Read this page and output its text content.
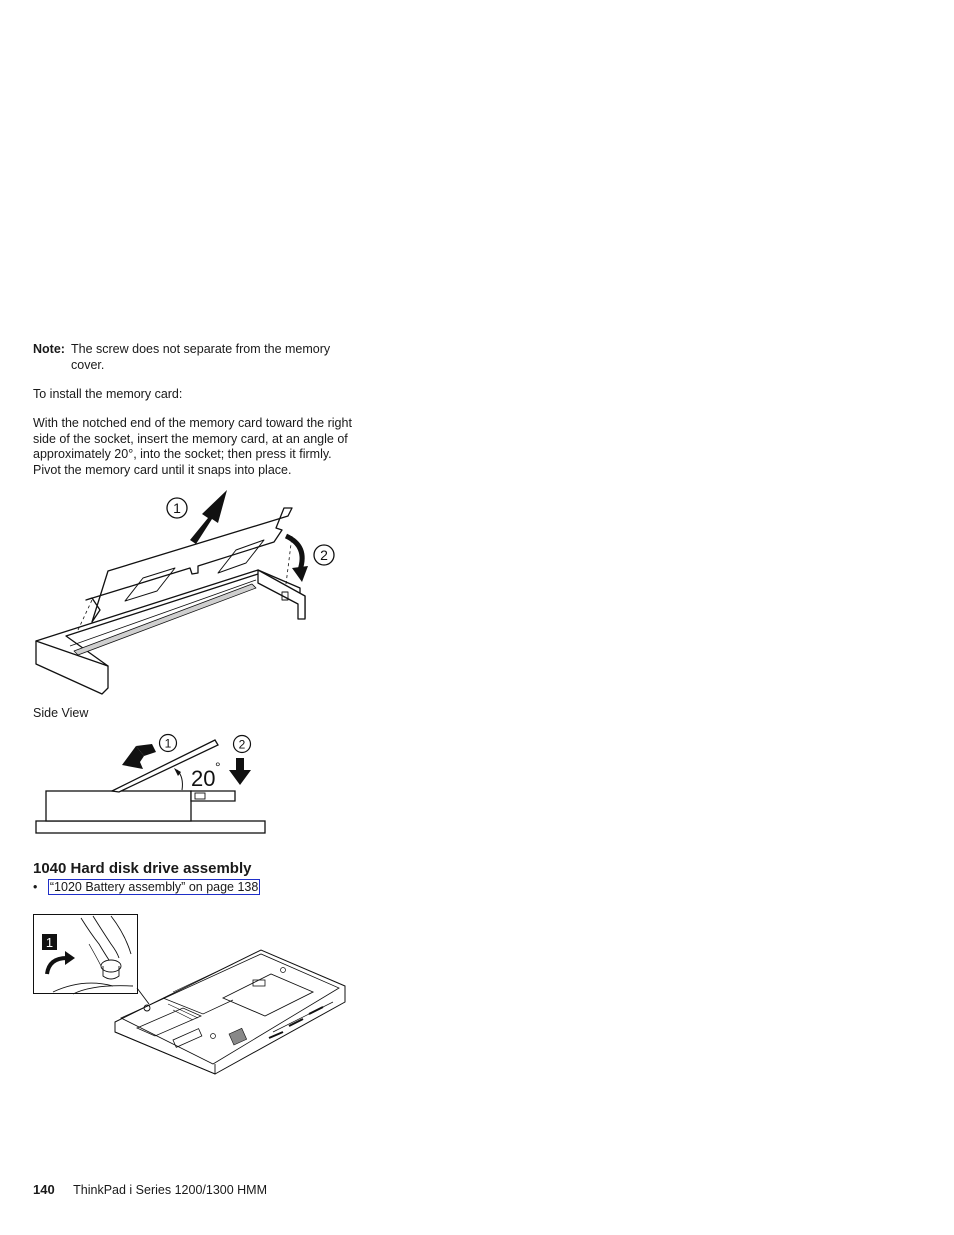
Note: The screw does not separate from the memory
cover.
To install the memory card:
With the notched end of the memory card toward the right
side of the socket, insert the memory card, at an angle of
approximately 20°, into the socket; then press it firmly.
Pivot the memory card until it snaps into place.
1
2
Side View
1	2
20 °
1040 Hard disk drive assembly
• “1020 Battery assembly” on page 138
1
140 ThinkPad i Series 1200/1300 HMM
